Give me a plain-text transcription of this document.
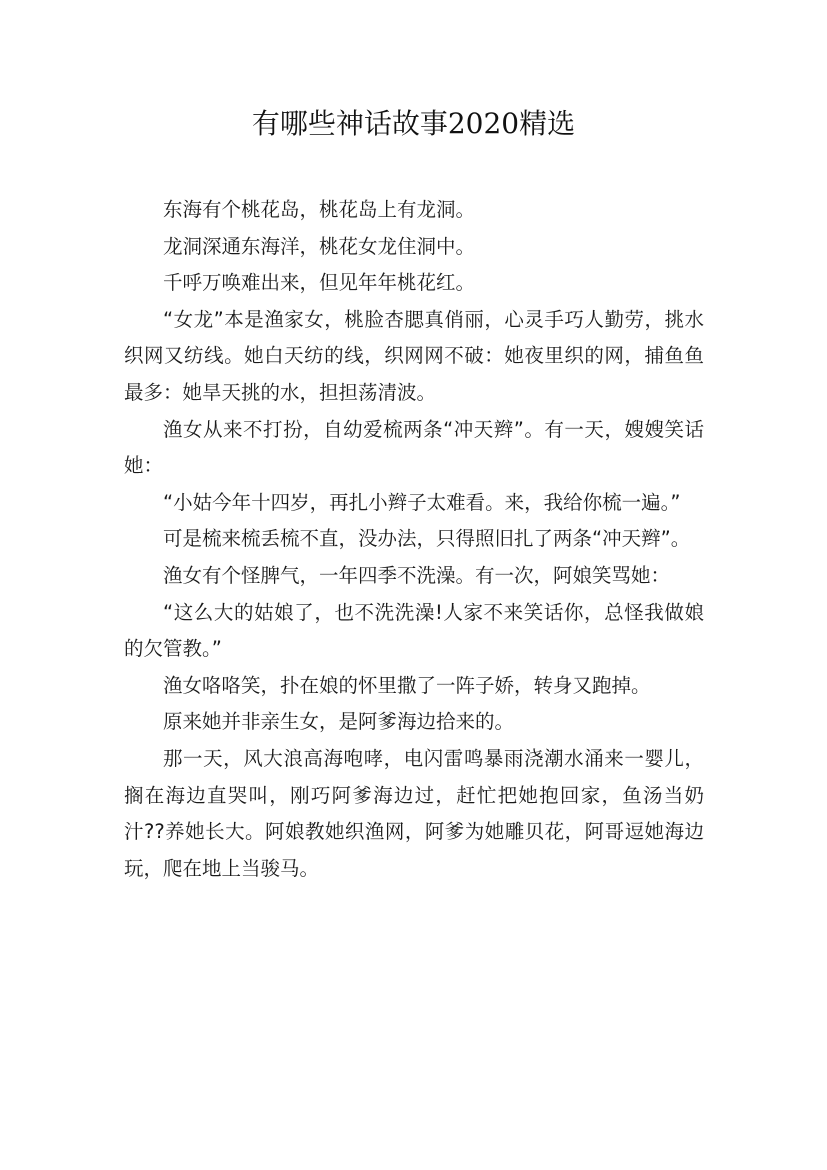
有哪些神话故事2020精选

东海有个桃花岛，桃花岛上有龙洞。

龙洞深通东海洋，桃花女龙住洞中。

千呼万唤难出来，但见年年桃花红。

“女龙”本是渔家女，桃脸杏腮真俏丽，心灵手巧人勤劳，挑水织网又纺线。她白天纺的线，织网网不破：她夜里织的网，捕鱼鱼最多：她旱天挑的水，担担荡清波。

渔女从来不打扮，自幼爱梳两条“冲天辫”。有一天，嫂嫂笑话她：

“小姑今年十四岁，再扎小辫子太难看。来，我给你梳一遍。”

可是梳来梳丢梳不直，没办法，只得照旧扎了两条“冲天辫”。

渔女有个怪脾气，一年四季不洗澡。有一次，阿娘笑骂她：

“这么大的姑娘了，也不洗洗澡!人家不来笑话你，总怪我做娘的欠管教。”

渔女咯咯笑，扑在娘的怀里撒了一阵子娇，转身又跑掉。

原来她并非亲生女，是阿爹海边拾来的。

那一天，风大浪高海咆哮，电闪雷鸣暴雨浇潮水涌来一婴儿，搁在海边直哭叫，刚巧阿爹海边过，赶忙把她抱回家，鱼汤当奶汁??养她长大。阿娘教她织渔网，阿爹为她雕贝花，阿哥逗她海边玩，爬在地上当骏马。
